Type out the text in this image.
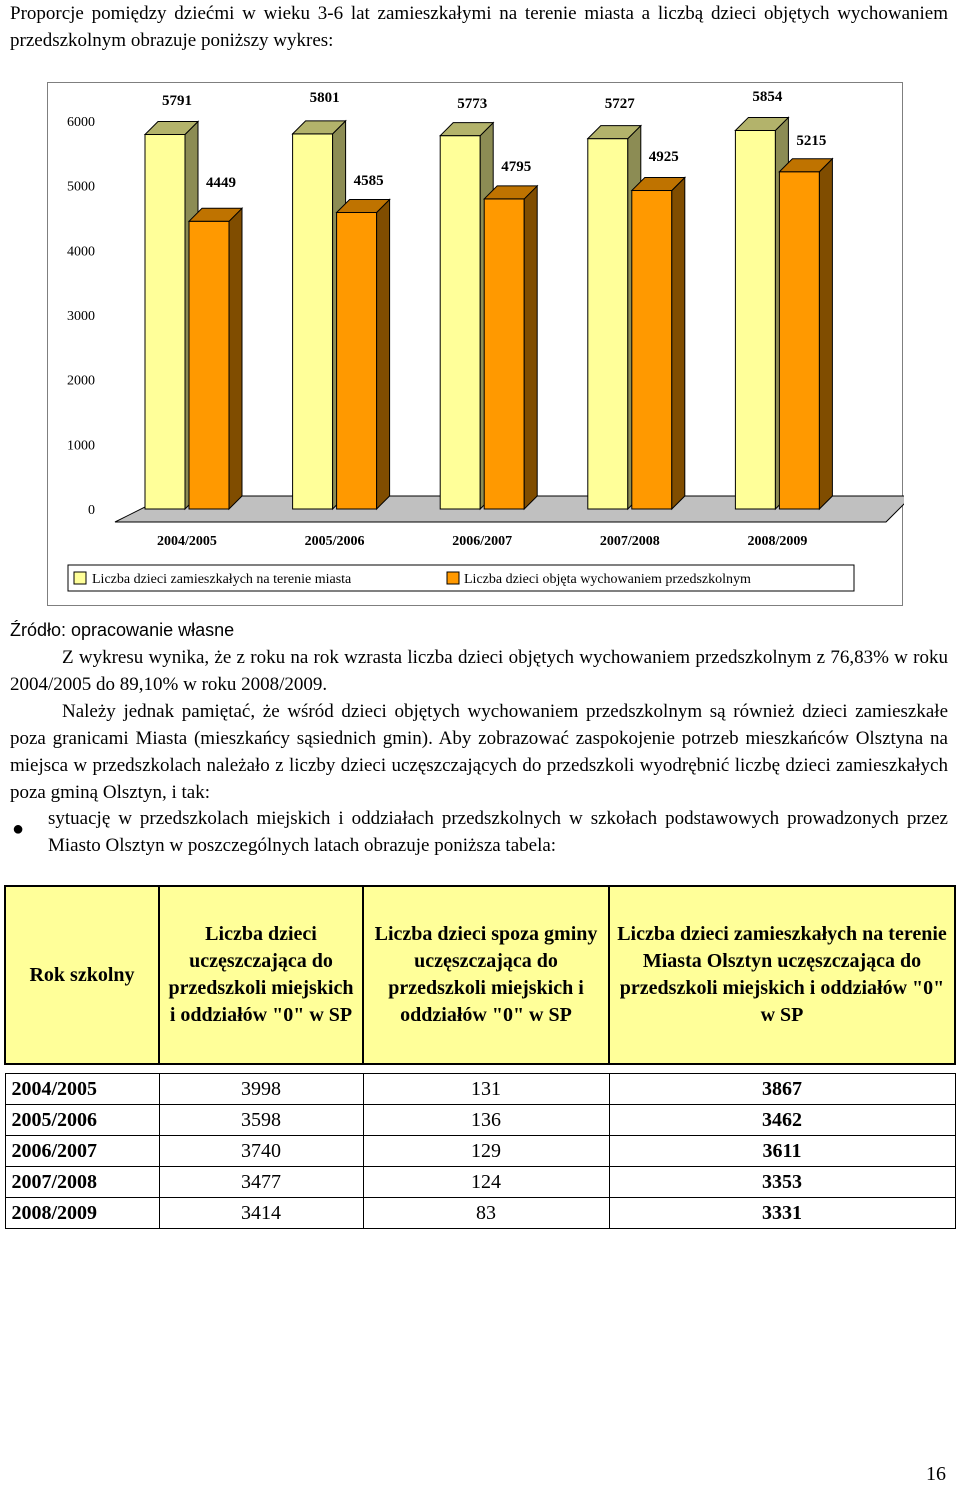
Proporcje pomiędzy dziećmi w wieku 3-6 lat zamieszkałymi na terenie miasta a liczbą dzieci objętych wychowaniem przedszkolnym obrazuje poniższy wykres:

0
1000
2000
3000
4000
5000
6000
5791
4449
2004/2005
5801
4585
2005/2006
5773
4795
2006/2007
5727
4925
2007/2008
5854
5215
2008/2009
Liczba dzieci zamieszkałych na terenie miasta	Liczba dzieci objęta wychowaniem przedszkolnym

Źródło: opracowanie własne

Z wykresu wynika, że z roku na rok wzrasta liczba dzieci objętych wychowaniem przedszkolnym z 76,83% w roku 2004/2005 do 89,10% w roku 2008/2009.

Należy jednak pamiętać, że wśród dzieci objętych wychowaniem przedszkolnym są również dzieci zamieszkałe poza granicami Miasta (mieszkańcy sąsiednich gmin). Aby zobrazować zaspokojenie potrzeb mieszkańców Olsztyna na miejsca w przedszkolach należało z liczby dzieci uczęszczających do przedszkoli wyodrębnić liczbę dzieci zamieszkałych poza gminą Olsztyn, i tak:

● sytuację w przedszkolach miejskich i oddziałach przedszkolnych w szkołach podstawowych prowadzonych przez Miasto Olsztyn w poszczególnych latach obrazuje poniższa tabela:

Rok szkolny	Liczba dzieci uczęszczająca do przedszkoli miejskich i oddziałów "0" w SP	Liczba dzieci spoza gminy uczęszczająca do przedszkoli miejskich i oddziałów "0" w SP	Liczba dzieci zamieszkałych na terenie Miasta Olsztyn uczęszczająca do przedszkoli miejskich i oddziałów "0" w SP

2004/2005	3998	131	3867
2005/2006	3598	136	3462
2006/2007	3740	129	3611
2007/2008	3477	124	3353
2008/2009	3414	83	3331
16
